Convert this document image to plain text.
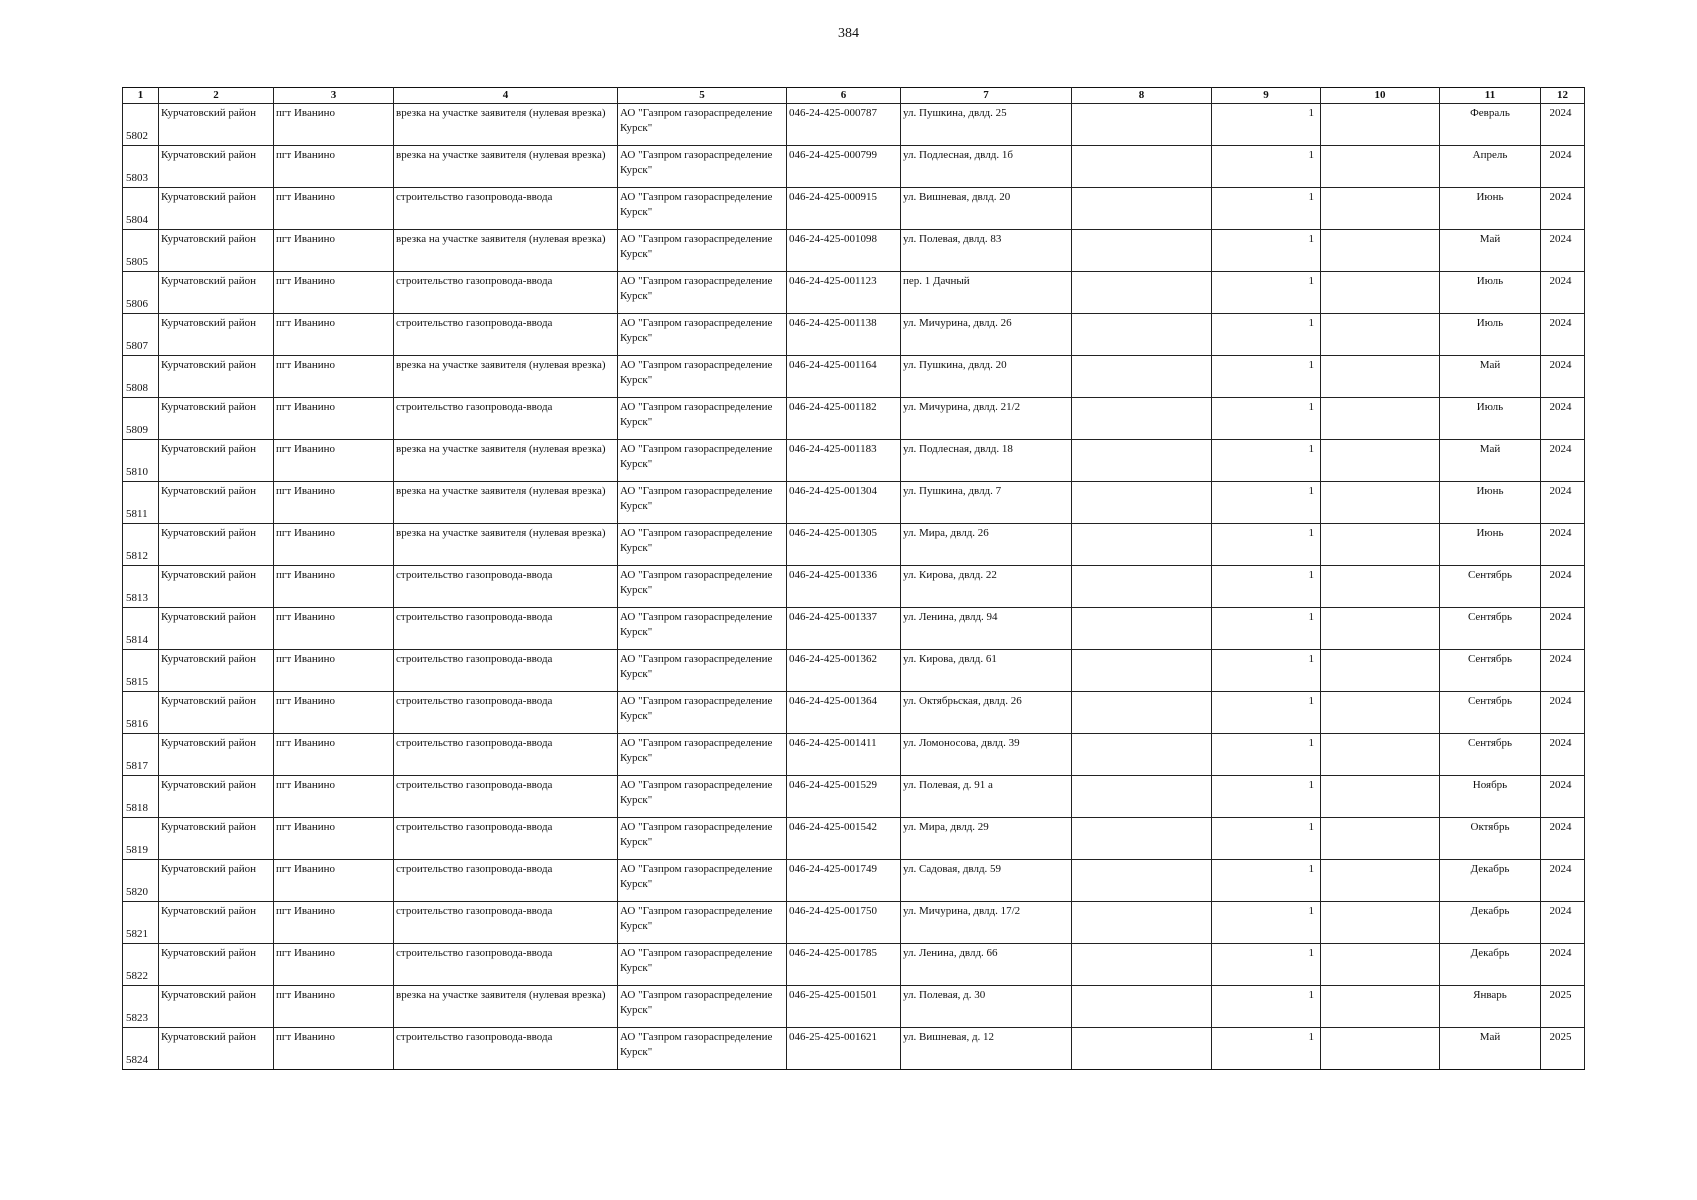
384
1	2	3	4	5	6	7	8	9	10	11	12
5802	Курчатовский район	пгт Иванино	врезка на участке заявителя (нулевая врезка)	АО "Газпром газораспределение Курск"	046-24-425-000787	ул. Пушкина, двлд. 25		1		Февраль	2024
5803	Курчатовский район	пгт Иванино	врезка на участке заявителя (нулевая врезка)	АО "Газпром газораспределение Курск"	046-24-425-000799	ул. Подлесная, двлд. 1б		1		Апрель	2024
5804	Курчатовский район	пгт Иванино	строительство газопровода-ввода	АО "Газпром газораспределение Курск"	046-24-425-000915	ул. Вишневая, двлд. 20		1		Июнь	2024
5805	Курчатовский район	пгт Иванино	врезка на участке заявителя (нулевая врезка)	АО "Газпром газораспределение Курск"	046-24-425-001098	ул. Полевая, двлд. 83		1		Май	2024
5806	Курчатовский район	пгт Иванино	строительство газопровода-ввода	АО "Газпром газораспределение Курск"	046-24-425-001123	пер. 1 Дачный		1		Июль	2024
5807	Курчатовский район	пгт Иванино	строительство газопровода-ввода	АО "Газпром газораспределение Курск"	046-24-425-001138	ул. Мичурина, двлд. 26		1		Июль	2024
5808	Курчатовский район	пгт Иванино	врезка на участке заявителя (нулевая врезка)	АО "Газпром газораспределение Курск"	046-24-425-001164	ул. Пушкина, двлд. 20		1		Май	2024
5809	Курчатовский район	пгт Иванино	строительство газопровода-ввода	АО "Газпром газораспределение Курск"	046-24-425-001182	ул. Мичурина, двлд. 21/2		1		Июль	2024
5810	Курчатовский район	пгт Иванино	врезка на участке заявителя (нулевая врезка)	АО "Газпром газораспределение Курск"	046-24-425-001183	ул. Подлесная, двлд. 18		1		Май	2024
5811	Курчатовский район	пгт Иванино	врезка на участке заявителя (нулевая врезка)	АО "Газпром газораспределение Курск"	046-24-425-001304	ул. Пушкина, двлд. 7		1		Июнь	2024
5812	Курчатовский район	пгт Иванино	врезка на участке заявителя (нулевая врезка)	АО "Газпром газораспределение Курск"	046-24-425-001305	ул. Мира, двлд. 26		1		Июнь	2024
5813	Курчатовский район	пгт Иванино	строительство газопровода-ввода	АО "Газпром газораспределение Курск"	046-24-425-001336	ул. Кирова, двлд. 22		1		Сентябрь	2024
5814	Курчатовский район	пгт Иванино	строительство газопровода-ввода	АО "Газпром газораспределение Курск"	046-24-425-001337	ул. Ленина, двлд. 94		1		Сентябрь	2024
5815	Курчатовский район	пгт Иванино	строительство газопровода-ввода	АО "Газпром газораспределение Курск"	046-24-425-001362	ул. Кирова, двлд. 61		1		Сентябрь	2024
5816	Курчатовский район	пгт Иванино	строительство газопровода-ввода	АО "Газпром газораспределение Курск"	046-24-425-001364	ул. Октябрьская, двлд. 26		1		Сентябрь	2024
5817	Курчатовский район	пгт Иванино	строительство газопровода-ввода	АО "Газпром газораспределение Курск"	046-24-425-001411	ул. Ломоносова, двлд. 39		1		Сентябрь	2024
5818	Курчатовский район	пгт Иванино	строительство газопровода-ввода	АО "Газпром газораспределение Курск"	046-24-425-001529	ул. Полевая, д. 91 а		1		Ноябрь	2024
5819	Курчатовский район	пгт Иванино	строительство газопровода-ввода	АО "Газпром газораспределение Курск"	046-24-425-001542	ул. Мира, двлд. 29		1		Октябрь	2024
5820	Курчатовский район	пгт Иванино	строительство газопровода-ввода	АО "Газпром газораспределение Курск"	046-24-425-001749	ул. Садовая, двлд. 59		1		Декабрь	2024
5821	Курчатовский район	пгт Иванино	строительство газопровода-ввода	АО "Газпром газораспределение Курск"	046-24-425-001750	ул. Мичурина, двлд. 17/2		1		Декабрь	2024
5822	Курчатовский район	пгт Иванино	строительство газопровода-ввода	АО "Газпром газораспределение Курск"	046-24-425-001785	ул. Ленина, двлд. 66		1		Декабрь	2024
5823	Курчатовский район	пгт Иванино	врезка на участке заявителя (нулевая врезка)	АО "Газпром газораспределение Курск"	046-25-425-001501	ул. Полевая, д. 30		1		Январь	2025
5824	Курчатовский район	пгт Иванино	строительство газопровода-ввода	АО "Газпром газораспределение Курск"	046-25-425-001621	ул. Вишневая, д. 12		1		Май	2025
